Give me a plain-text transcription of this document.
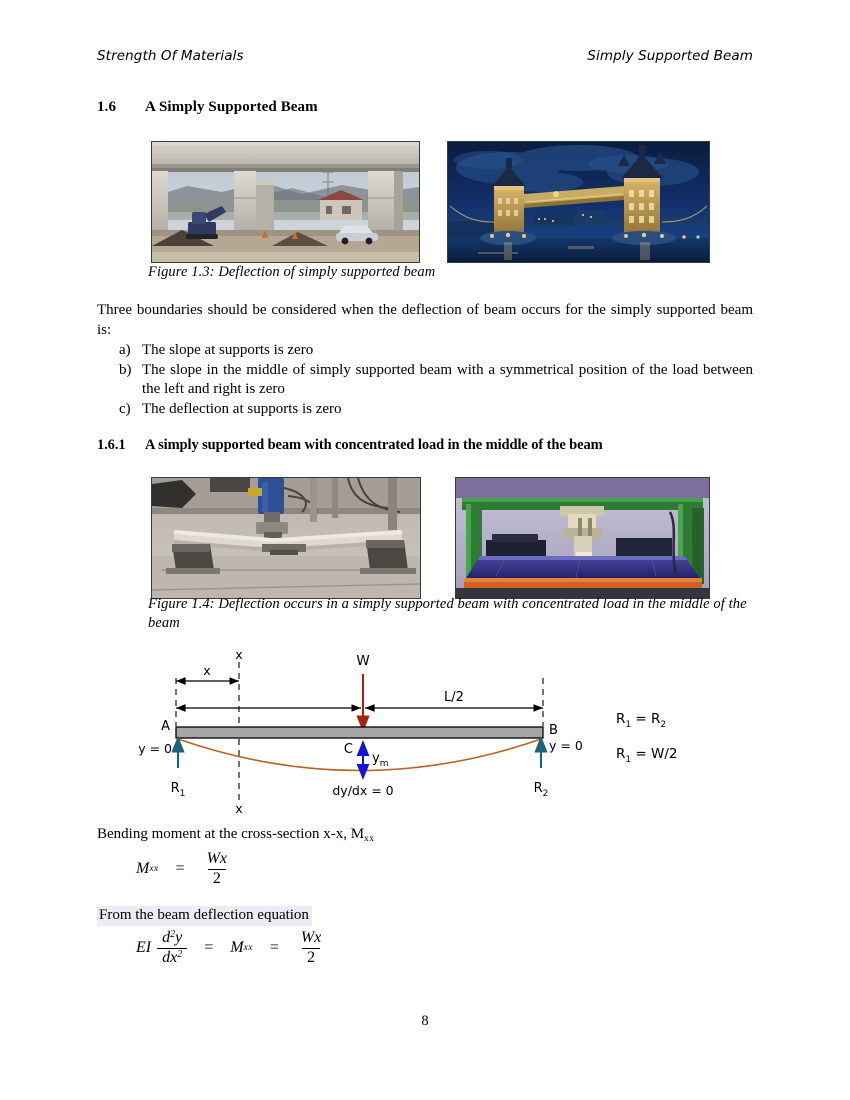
Strength Of Materials	Simply Supported Beam
1.6 A Simply Supported Beam
Figure 1.3: Deflection of simply supported beam
Three boundaries should be considered when the deflection of beam occurs for the simply supported beam is:
a) The slope at supports is zero
b) The slope in the middle of simply supported beam with a symmetrical position of the load between the left and right is zero
c) The deflection at supports is zero
1.6.1 A simply supported beam with concentrated load in the middle of the beam
Figure 1.4: Deflection occurs in a simply supported beam with concentrated load in the middle of the beam
x
x
x
L/2
W
A	B
y = 0	y = 0
C
$y_m$
dy/dx = 0
$R_1$	$R_2$
$R_1 = R_2$
$R_1 = W/2$
Bending moment at the cross-section x-x, $M_{xx}$
M xx = $\frac{Wx}{2}$
From the beam deflection equation
EI $\frac{d^2y}{dx^2} = M$ xx = $\frac{Wx}{2}$
8
